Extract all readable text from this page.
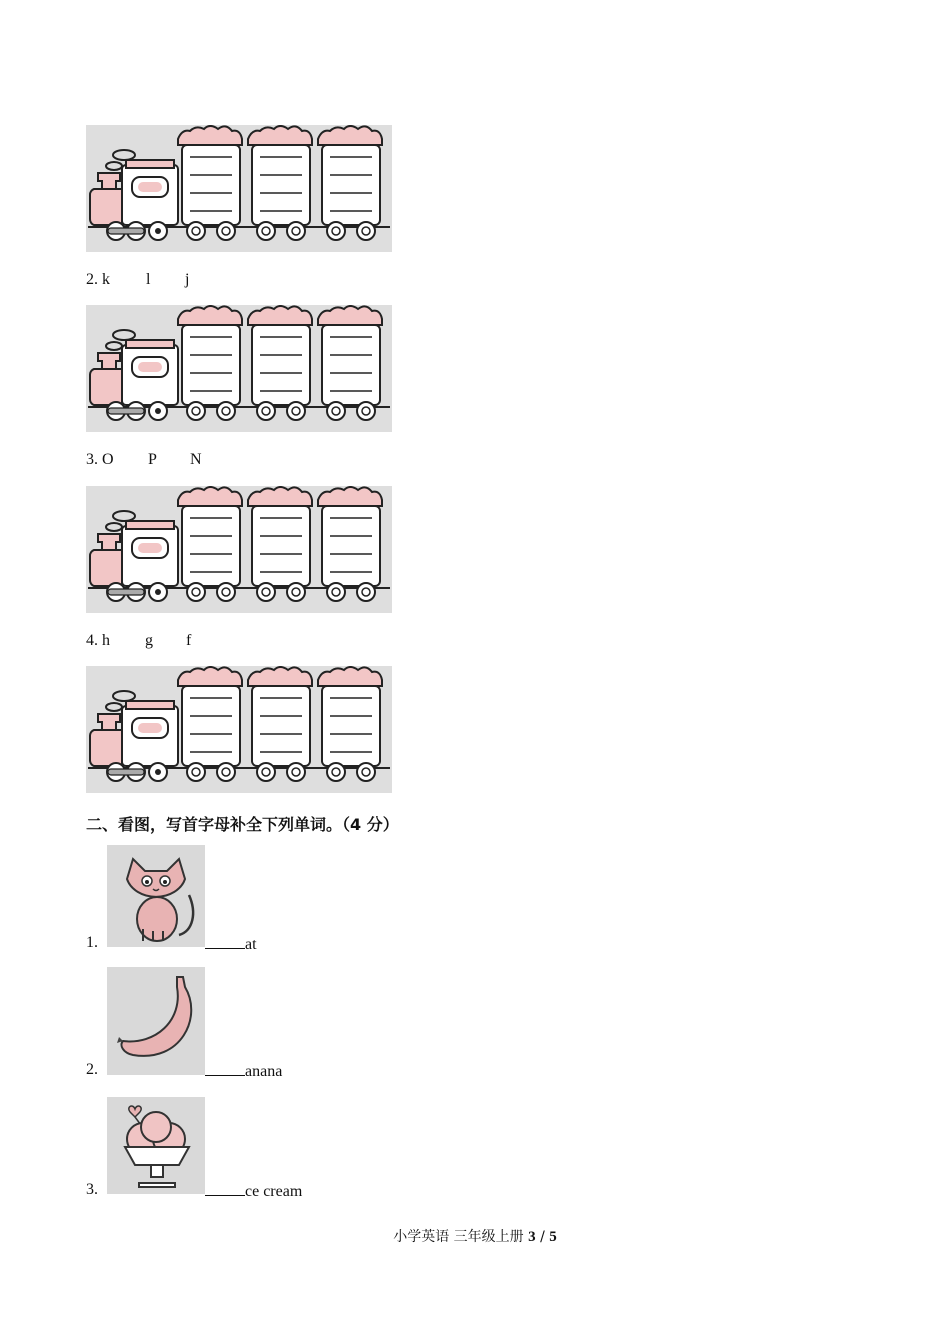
2. k

l

j

3. O

P

N

4. h

g

f

二、看图，写首字母补全下列单词。（4 分）
1.	at
2.	anana
3.	ce cream
小学英语 三年级上册 3 / 5
